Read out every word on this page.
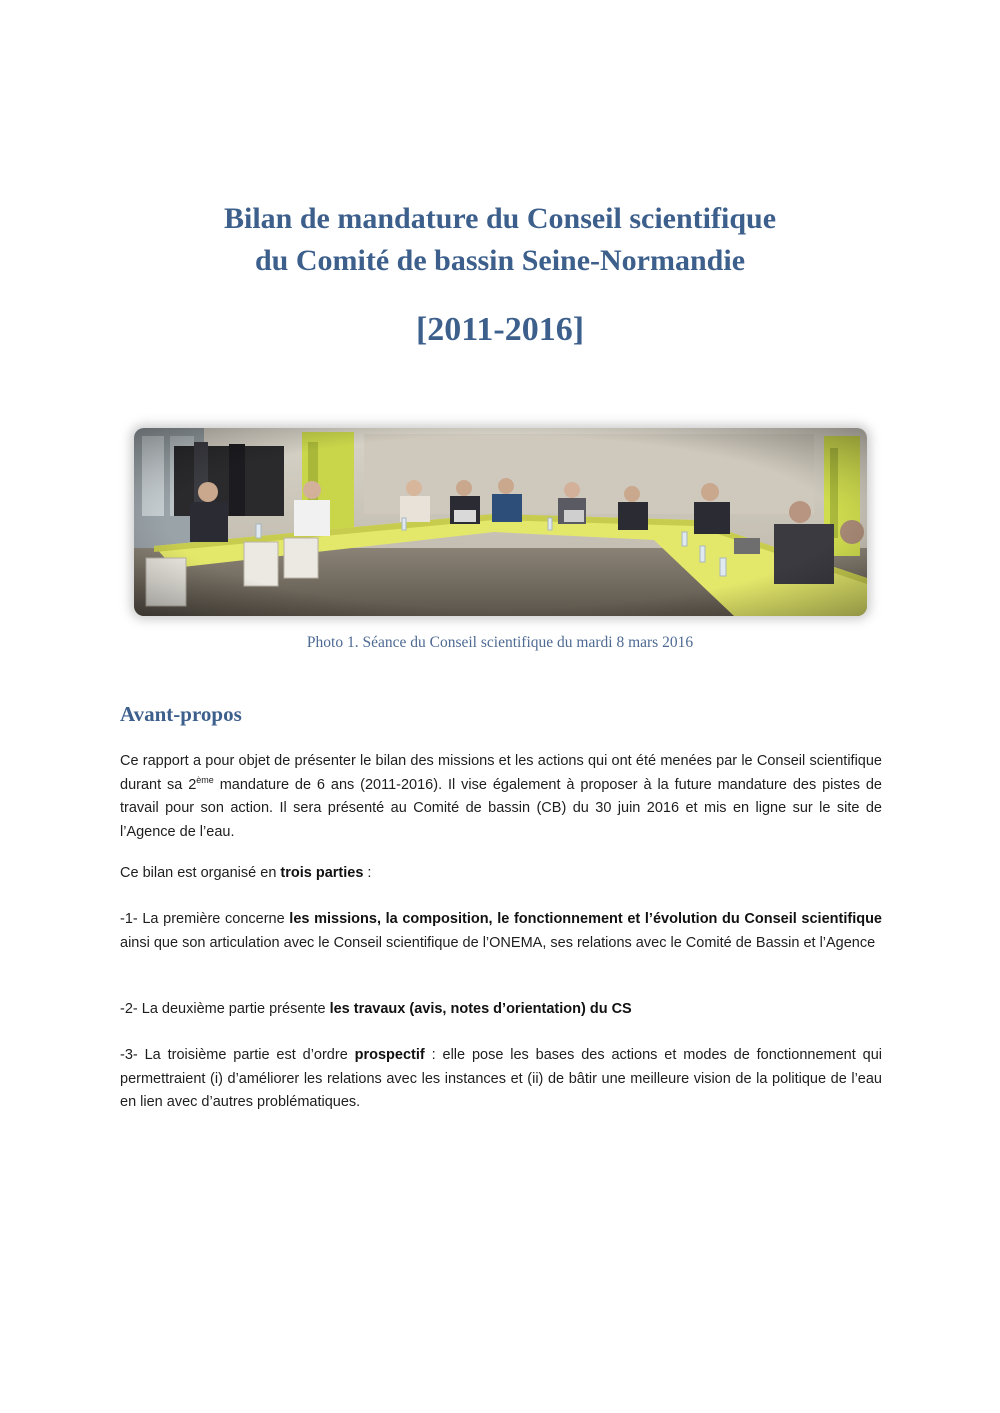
Bilan de mandature du Conseil scientifique
du Comité de bassin Seine-Normandie
[2011-2016]
Photo 1. Séance du Conseil scientifique du mardi 8 mars 2016
Avant-propos

Ce rapport a pour objet de présenter le bilan des missions et les actions qui ont été menées par le Conseil scientifique durant sa 2ème mandature de 6 ans (2011-2016). Il vise également à proposer à la future mandature des pistes de travail pour son action. Il sera présenté au Comité de bassin (CB) du 30 juin 2016 et mis en ligne sur le site de l’Agence de l’eau.

Ce bilan est organisé en trois parties :

-1- La première concerne les missions, la composition, le fonctionnement et l’évolution du Conseil scientifique ainsi que son articulation avec le Conseil scientifique de l’ONEMA, ses relations avec le Comité de Bassin et l’Agence

-2- La deuxième partie présente les travaux (avis, notes d’orientation) du CS

-3- La troisième partie est d’ordre prospectif : elle pose les bases des actions et modes de fonctionnement qui permettraient (i) d’améliorer les relations avec les instances et (ii) de bâtir une meilleure vision de la politique de l’eau en lien avec d’autres problématiques.
